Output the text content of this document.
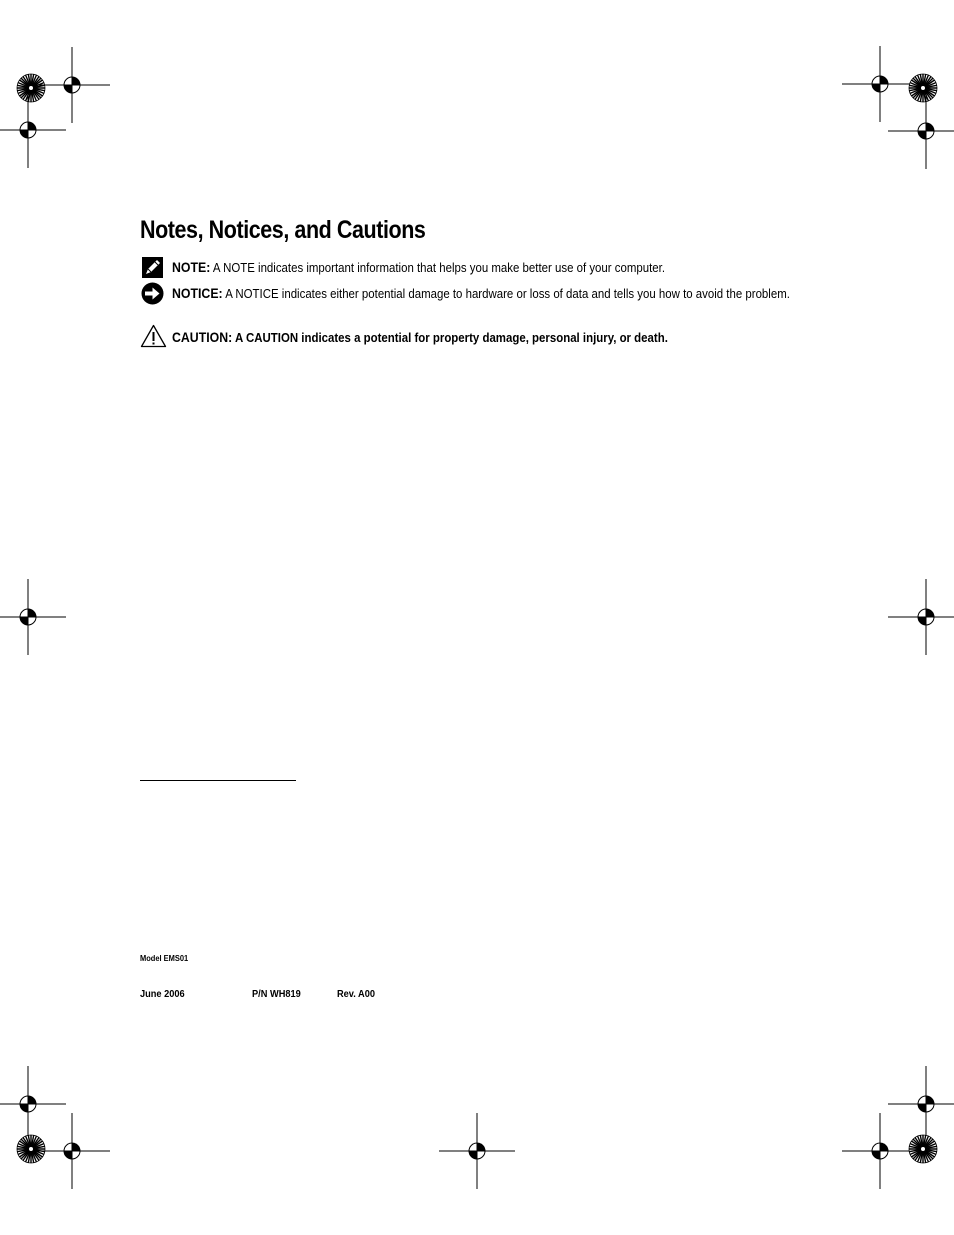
Notes, Notices, and Cautions
NOTE: A NOTE indicates important information that helps you make better use of your computer.
NOTICE: A NOTICE indicates either potential damage to hardware or loss of data and tells you how to avoid the problem.
CAUTION: A CAUTION indicates a potential for property damage, personal injury, or death.
Model EMS01
June 2006	P/N WH819	Rev. A00
